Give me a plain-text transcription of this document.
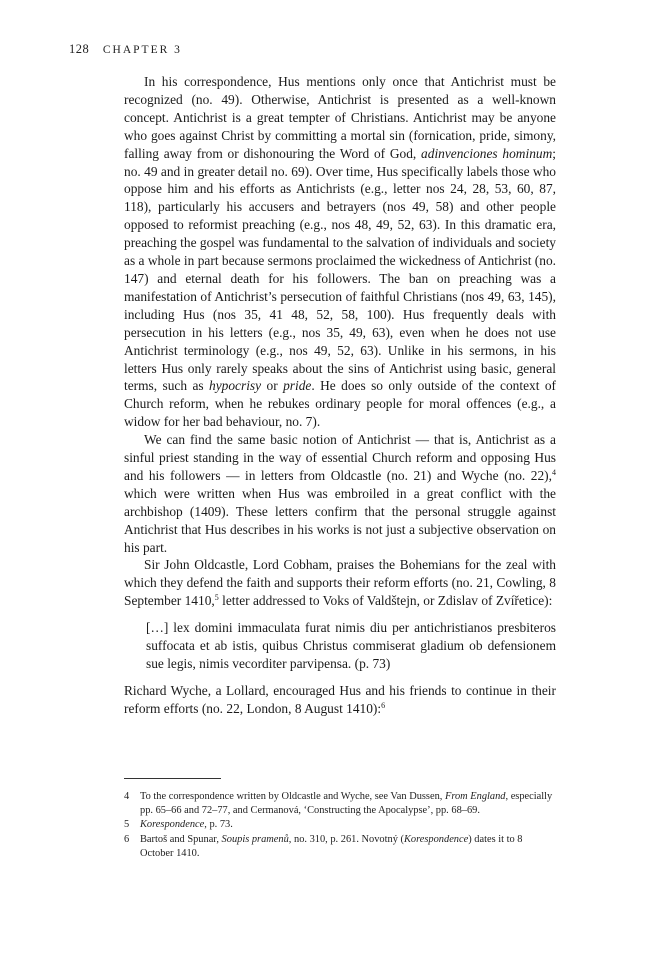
128 CHAPTER 3

In his correspondence, Hus mentions only once that Antichrist must be recognized (no. 49). Otherwise, Antichrist is presented as a well-known concept. Antichrist is a great tempter of Christians. Antichrist may be anyone who goes against Christ by committing a mortal sin (fornication, pride, simony, falling away from or dishonouring the Word of God, adinvenciones hominum; no. 49 and in greater detail no. 69). Over time, Hus specifically labels those who oppose him and his efforts as Antichrists (e.g., letter nos 24, 28, 53, 60, 87, 118), particularly his accusers and betrayers (nos 49, 58) and other people opposed to reformist preaching (e.g., nos 48, 49, 52, 63). In this dramatic era, preaching the gospel was fundamental to the salvation of individuals and society as a whole in part because sermons proclaimed the wickedness of Antichrist (no. 147) and eternal death for his followers. The ban on preaching was a manifestation of Antichrist’s persecution of faithful Christians (nos 49, 63, 145), including Hus (nos 35, 41 48, 52, 58, 100). Hus frequently deals with persecution in his letters (e.g., nos 35, 49, 63), even when he does not use Antichrist terminology (e.g., nos 49, 52, 63). Unlike in his sermons, in his letters Hus only rarely speaks about the sins of Antichrist using basic, general terms, such as hypocrisy or pride. He does so only outside of the context of Church reform, when he rebukes ordinary people for moral offences (e.g., a widow for her bad behaviour, no. 7).

We can find the same basic notion of Antichrist — that is, Antichrist as a sinful priest standing in the way of essential Church reform and opposing Hus and his followers — in letters from Oldcastle (no. 21) and Wyche (no. 22),$^4$ which were written when Hus was embroiled in a great conflict with the archbishop (1409). These letters confirm that the personal struggle against Antichrist that Hus describes in his works is not just a subjective observation on his part.

Sir John Oldcastle, Lord Cobham, praises the Bohemians for the zeal with which they defend the faith and supports their reform efforts (no. 21, Cowling, 8 September 1410,$^5$ letter addressed to Voks of Valdštejn, or Zdislav of Zvířetice):

[…] lex domini immaculata furat nimis diu per antichristianos presbiteros suffocata et ab istis, quibus Christus commiserat gladium ob defensionem sue legis, nimis vecorditer parvipensa. (p. 73)

Richard Wyche, a Lollard, encouraged Hus and his friends to continue in their reform efforts (no. 22, London, 8 August 1410):$^6$

4 To the correspondence written by Oldcastle and Wyche, see Van Dussen, From England, especially pp. 65–66 and 72–77, and Cermanová, ‘Constructing the Apocalypse’, pp. 68–69.

5 Korespondence, p. 73.

6 Bartoš and Spunar, Soupis pramenů, no. 310, p. 261. Novotný (Korespondence) dates it to 8 October 1410.
